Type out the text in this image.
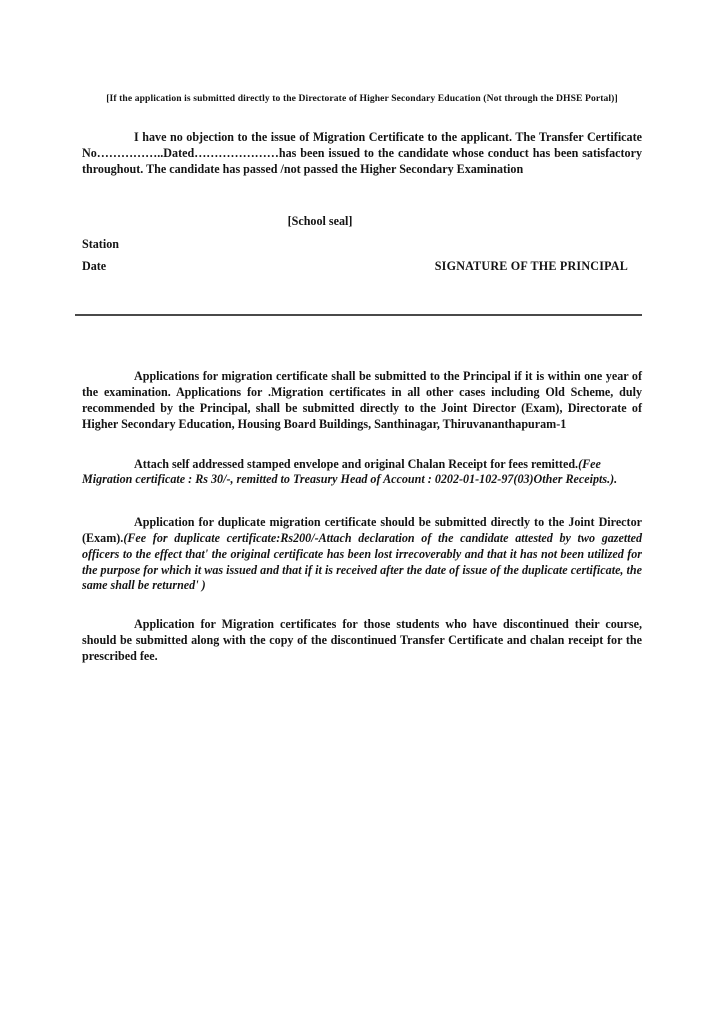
[If the application is submitted directly to the Directorate of Higher Secondary Education (Not through the DHSE Portal)]

I have no objection to the issue of Migration Certificate to the applicant. The Transfer Certificate No……………..Dated…………………has been issued to the candidate whose conduct has been satisfactory throughout. The candidate has passed /not passed the Higher Secondary Examination

[School seal]
Station
Date	SIGNATURE OF THE PRINCIPAL

Applications for migration certificate shall be submitted to the Principal if it is within one year of the examination. Applications for .Migration certificates in all other cases including Old Scheme, duly recommended by the Principal, shall be submitted directly to the Joint Director (Exam), Directorate of Higher Secondary Education, Housing Board Buildings, Santhinagar, Thiruvananthapuram-1

Attach self addressed stamped envelope and original Chalan Receipt for fees remitted.(Fee Migration certificate : Rs 30/-, remitted to Treasury Head of Account : 0202-01-102-97(03)Other Receipts.).

Application for duplicate migration certificate should be submitted directly to the Joint Director (Exam).(Fee for duplicate certificate:Rs200/-Attach declaration of the candidate attested by two gazetted officers to the effect that' the original certificate has been lost irrecoverably and that it has not been utilized for the purpose for which it was issued and that if it is received after the date of issue of the duplicate certificate, the same shall be returned' )

Application for Migration certificates for those students who have discontinued their course, should be submitted along with the copy of the discontinued Transfer Certificate and chalan receipt for the prescribed fee.
